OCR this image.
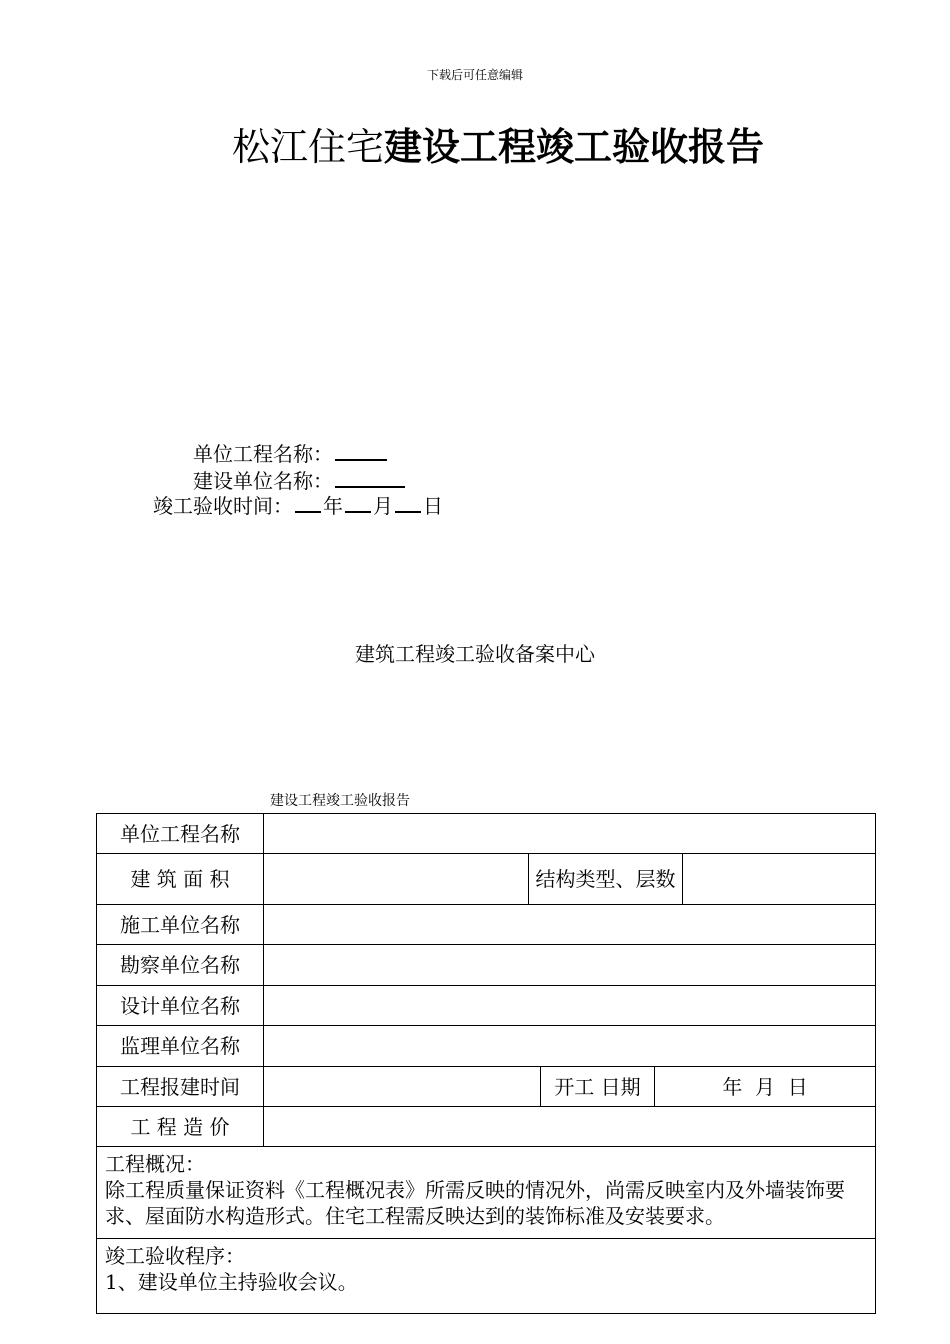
下载后可任意编辑
松江住宅建设工程竣工验收报告
单位工程名称：
建设单位名称：
竣工验收时间： 年 月 日
建筑工程竣工验收备案中心
建设工程竣工验收报告
单位工程名称					
建 筑 面 积		结构类型、层数			
施工单位名称					
勘察单位名称					
设计单位名称					
监理单位名称					
工程报建时间			开工 日期	年  月  日	
工 程 造 价					

工程概况：
除工程质量保证资料《工程概况表》所需反映的情况外，尚需反映室内及外墙装饰要求、屋面防水构造形式。住宅工程需反映达到的装饰标准及安装要求。					

竣工验收程序：
1、建设单位主持验收会议。					
